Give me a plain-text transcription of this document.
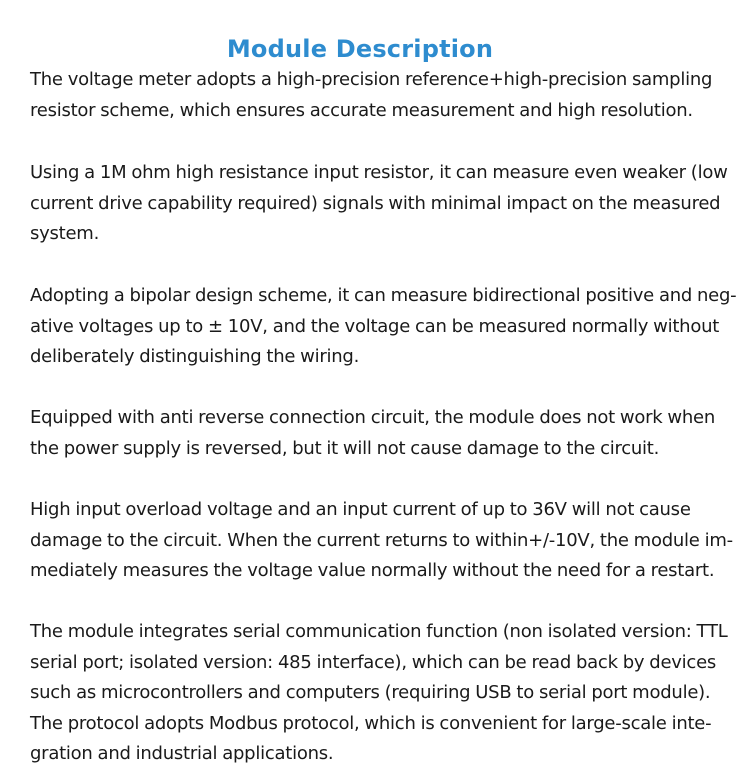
Module Description

The voltage meter adopts a high-precision reference+high-precision sampling
resistor scheme, which ensures accurate measurement and high resolution.

Using a 1M ohm high resistance input resistor, it can measure even weaker (low
current drive capability required) signals with minimal impact on the measured
system.

Adopting a bipolar design scheme, it can measure bidirectional positive and neg-
ative voltages up to ± 10V, and the voltage can be measured normally without
deliberately distinguishing the wiring.

Equipped with anti reverse connection circuit, the module does not work when
the power supply is reversed, but it will not cause damage to the circuit.

High input overload voltage and an input current of up to 36V will not cause
damage to the circuit. When the current returns to within+/-10V, the module im-
mediately measures the voltage value normally without the need for a restart.

The module integrates serial communication function (non isolated version: TTL
serial port; isolated version: 485 interface), which can be read back by devices
such as microcontrollers and computers (requiring USB to serial port module).
The protocol adopts Modbus protocol, which is convenient for large-scale inte-
gration and industrial applications.
